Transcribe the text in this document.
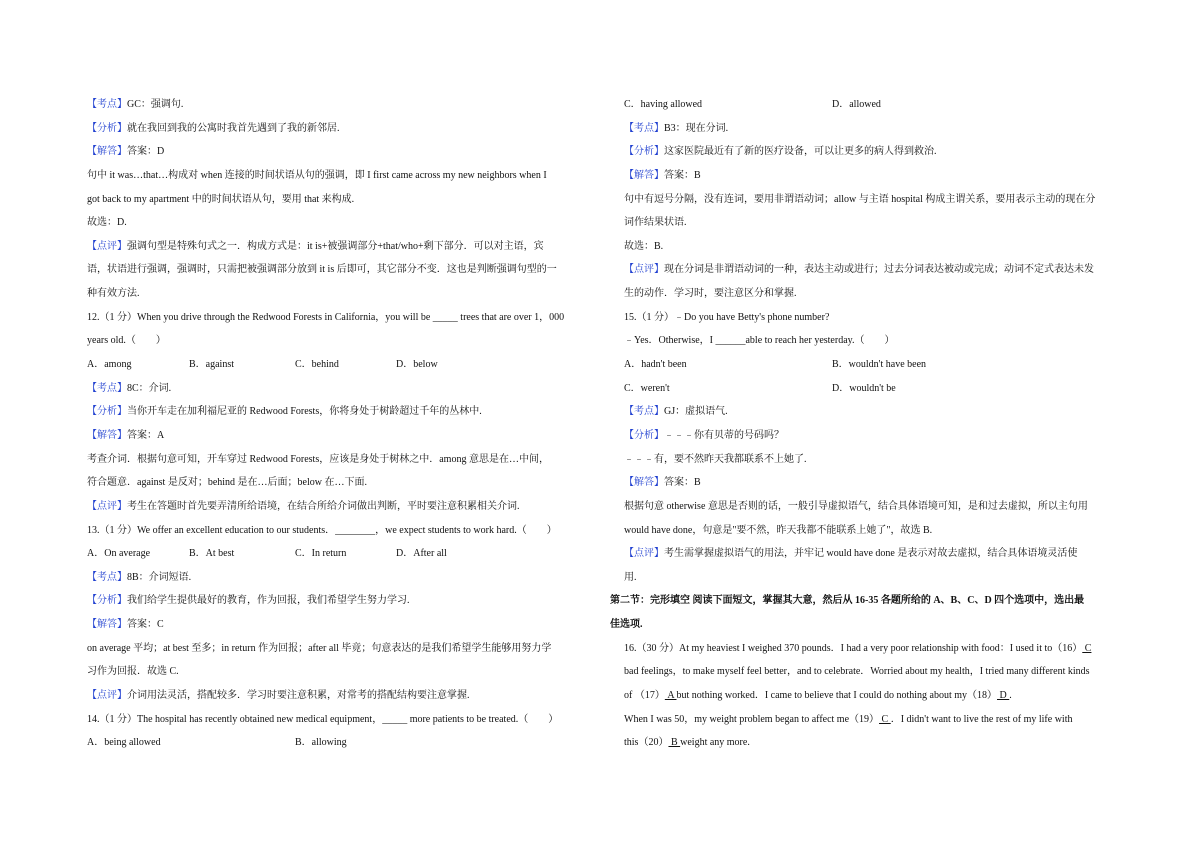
【考点】GC：强调句.
【分析】就在我回到我的公寓时我首先遇到了我的新邻居.
【解答】答案：D
句中 it was…that…构成对 when 连接的时间状语从句的强调，即 I first came across my new neighbors when I
got back to my apartment 中的时间状语从句，要用 that 来构成.
故选：D.
【点评】强调句型是特殊句式之一．构成方式是：it is+被强调部分+that/who+剩下部分．可以对主语，宾
语，状语进行强调，强调时，只需把被强调部分放到 it is 后即可，其它部分不变．这也是判断强调句型的一
种有效方法.
12.（1 分）When you drive through the Redwood Forests in California，you will be _____ trees that are over 1，000
years old.（　　）
A．among	B．against	C．behind	D．below
【考点】8C：介词.
【分析】当你开车走在加利福尼亚的 Redwood Forests，你将身处于树龄超过千年的丛林中.
【解答】答案：A
考查介词．根据句意可知，开车穿过 Redwood Forests，应该是身处于树林之中．among 意思是在…中间，
符合题意．against 是反对；behind 是在…后面；below 在…下面.
【点评】考生在答题时首先要弄清所给语境，在结合所给介词做出判断，平时要注意积累相关介词.
13.（1 分）We offer an excellent education to our students．________，we expect students to work hard.（　　）
A．On average	B．At best	C．In return	D．After all
【考点】8B：介词短语.
【分析】我们给学生提供最好的教育，作为回报，我们希望学生努力学习.
【解答】答案：C
on average 平均；at best 至多；in return 作为回报；after all 毕竟；句意表达的是我们希望学生能够用努力学
习作为回报．故选 C.
【点评】介词用法灵活，搭配较多．学习时要注意积累，对常考的搭配结构要注意掌握.
14.（1 分）The hospital has recently obtained new medical equipment，_____ more patients to be treated.（　　）
A．being allowed	B．allowing
C．having allowed	D．allowed
【考点】B3：现在分词.
【分析】这家医院最近有了新的医疗设备，可以让更多的病人得到救治.
【解答】答案：B
句中有逗号分隔，没有连词，要用非谓语动词；allow 与主语 hospital 构成主谓关系，要用表示主动的现在分
词作结果状语.
故选：B.
【点评】现在分词是非谓语动词的一种，表达主动或进行；过去分词表达被动或完成；动词不定式表达未发
生的动作．学习时，要注意区分和掌握.
15.（1 分）﹣Do you have Betty's phone number?
﹣Yes．Otherwise，I ______able to reach her yesterday.（　　）
A．hadn't been	B．wouldn't have been
C．weren't	D．wouldn't be
【考点】GJ：虚拟语气.
【分析】﹣﹣﹣你有贝蒂的号码吗？
﹣﹣﹣有，要不然昨天我都联系不上她了.
【解答】答案：B
根据句意 otherwise 意思是否则的话，一般引导虚拟语气，结合具体语境可知，是和过去虚拟，所以主句用
would have done，句意是"要不然，昨天我都不能联系上她了"，故选 B.
【点评】考生需掌握虚拟语气的用法，并牢记 would have done 是表示对故去虚拟，结合具体语境灵活使
用.
第二节：完形填空 阅读下面短文，掌握其大意，然后从 16-35 各题所给的 A、B、C、D 四个选项中，选出最
佳选项.
16.（30 分）At my heaviest I weighed 370 pounds．I had a very poor relationship with food：I used it to（16） C
bad feelings，to make myself feel better，and to celebrate．Worried about my health，I tried many different kinds
of （17） A but nothing worked．I came to believe that I could do nothing about my（18） D .
When I was 50，my weight problem began to affect me（19） C ．I didn't want to live the rest of my life with
this（20） B weight any more.
